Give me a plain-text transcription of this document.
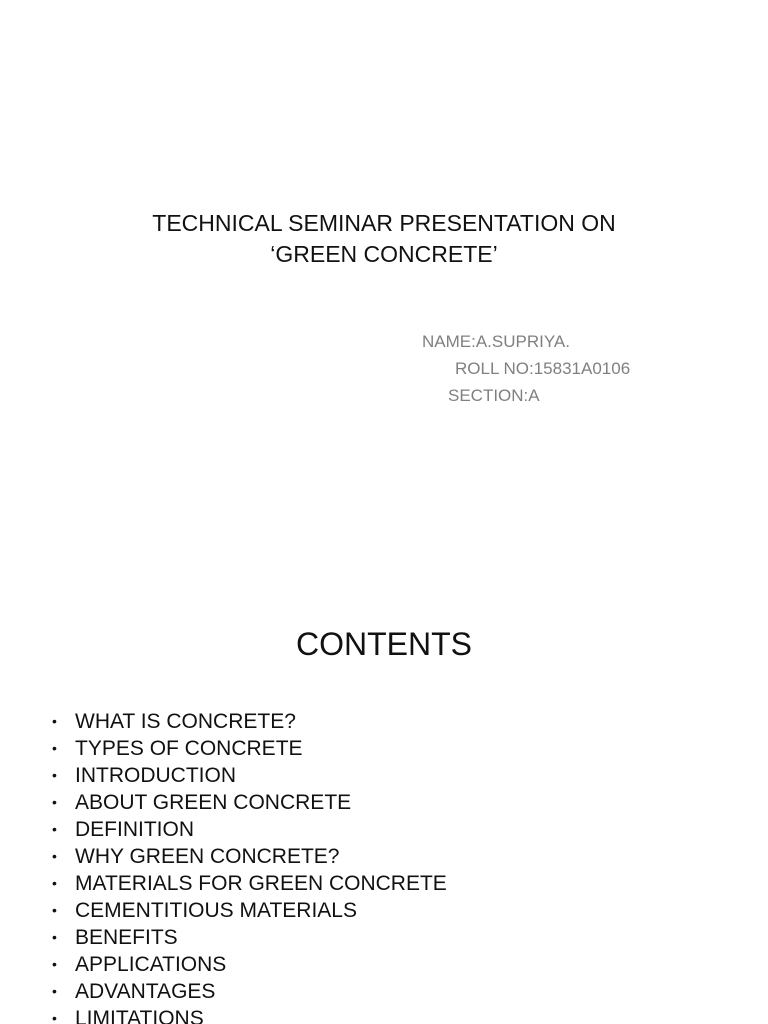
TECHNICAL SEMINAR PRESENTATION ON
‘GREEN CONCRETE’
NAME:A.SUPRIYA.
ROLL NO:15831A0106
SECTION:A
CONTENTS
• WHAT IS CONCRETE?
• TYPES OF CONCRETE
• INTRODUCTION
• ABOUT GREEN CONCRETE
• DEFINITION
• WHY GREEN CONCRETE?
• MATERIALS FOR GREEN CONCRETE
• CEMENTITIOUS MATERIALS
• BENEFITS
• APPLICATIONS
• ADVANTAGES
• LIMITATIONS
